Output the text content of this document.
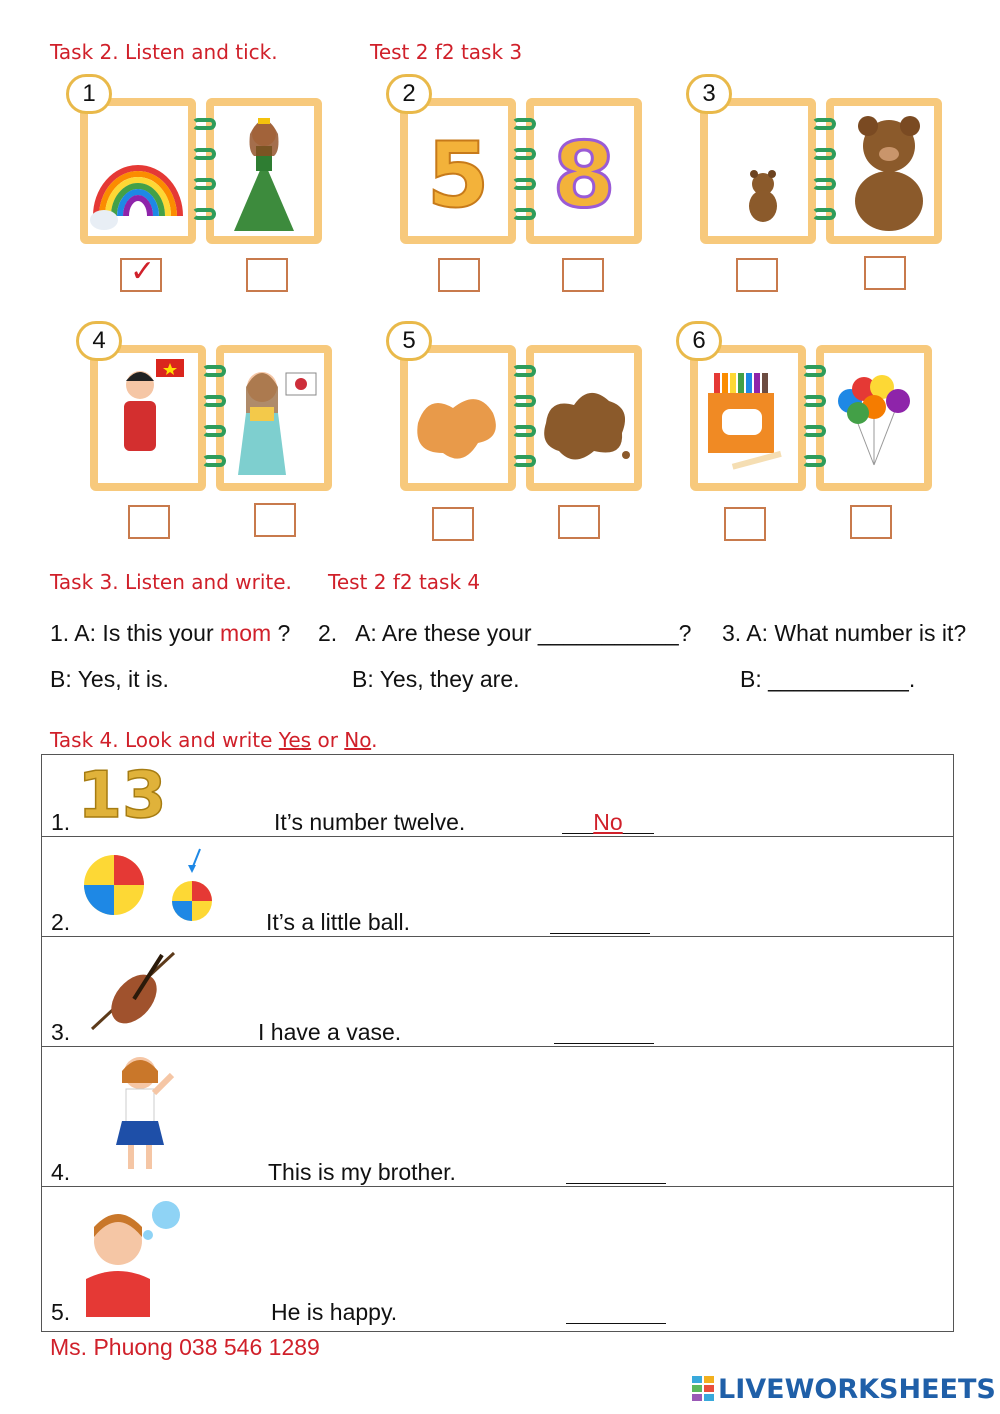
Task 2. Listen and tick.	Test 2 f2 task 3
1
✓
5 8
2	3
4	5	6
Task 3. Listen and write. Test 2 f2 task 4
1. A: Is this your mom ? 2.   A: Are these your ___________? 3. A: What number is it?
B: Yes, it is.	B: Yes, they are.	B: ___________.
Task 4. Look and write Yes or No.
13
1.	It’s number twelve.	No
2.	It’s a little ball.
3.	I have a vase.
4.	This is my brother.
5.	He is happy.
Ms. Phuong 038 546 1289
LIVEWORKSHEETS
